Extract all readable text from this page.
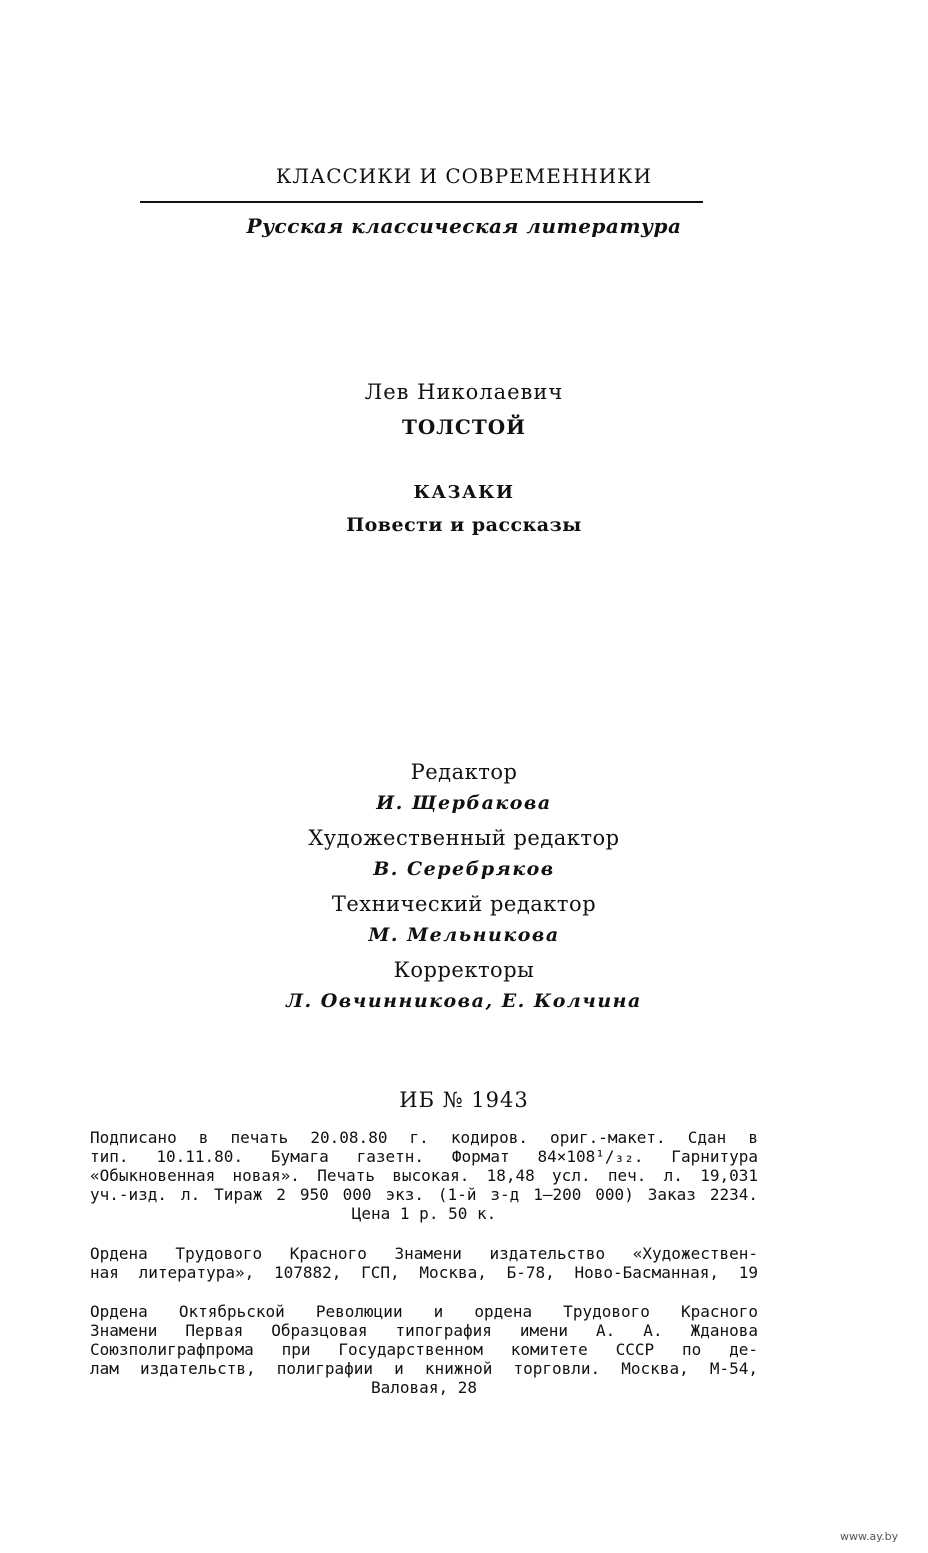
КЛАССИКИ И СОВРЕМЕННИКИ
Русская классическая литература
Лев Николаевич
ТОЛСТОЙ
КАЗАКИ
Повести и рассказы
Редактор
И. Щербакова
Художественный редактор
В. Серебряков
Технический редактор
М. Мельникова
Корректоры
Л. Овчинникова, Е. Колчина
ИБ № 1943
Подписано в печать 20.08.80 г. кодиров. ориг.-макет. Сдан в
тип. 10.11.80. Бумага газетн. Формат 84×108¹/₃₂. Гарнитура
«Обыкновенная новая». Печать высокая. 18,48 усл. печ. л. 19,031
уч.-изд. л. Тираж 2 950 000 экз. (1-й з-д 1—200 000) Заказ 2234.
Цена 1 р. 50 к.
Ордена Трудового Красного Знамени издательство «Художествен-
ная литература», 107882, ГСП, Москва, Б-78, Ново-Басманная, 19
Ордена Октябрьской Революции и ордена Трудового Красного
Знамени Первая Образцовая типография имени А. А. Жданова
Союзполиграфпрома при Государственном комитете СССР по де-
лам издательств, полиграфии и книжной торговли. Москва, М-54,
Валовая, 28
www.ay.by
